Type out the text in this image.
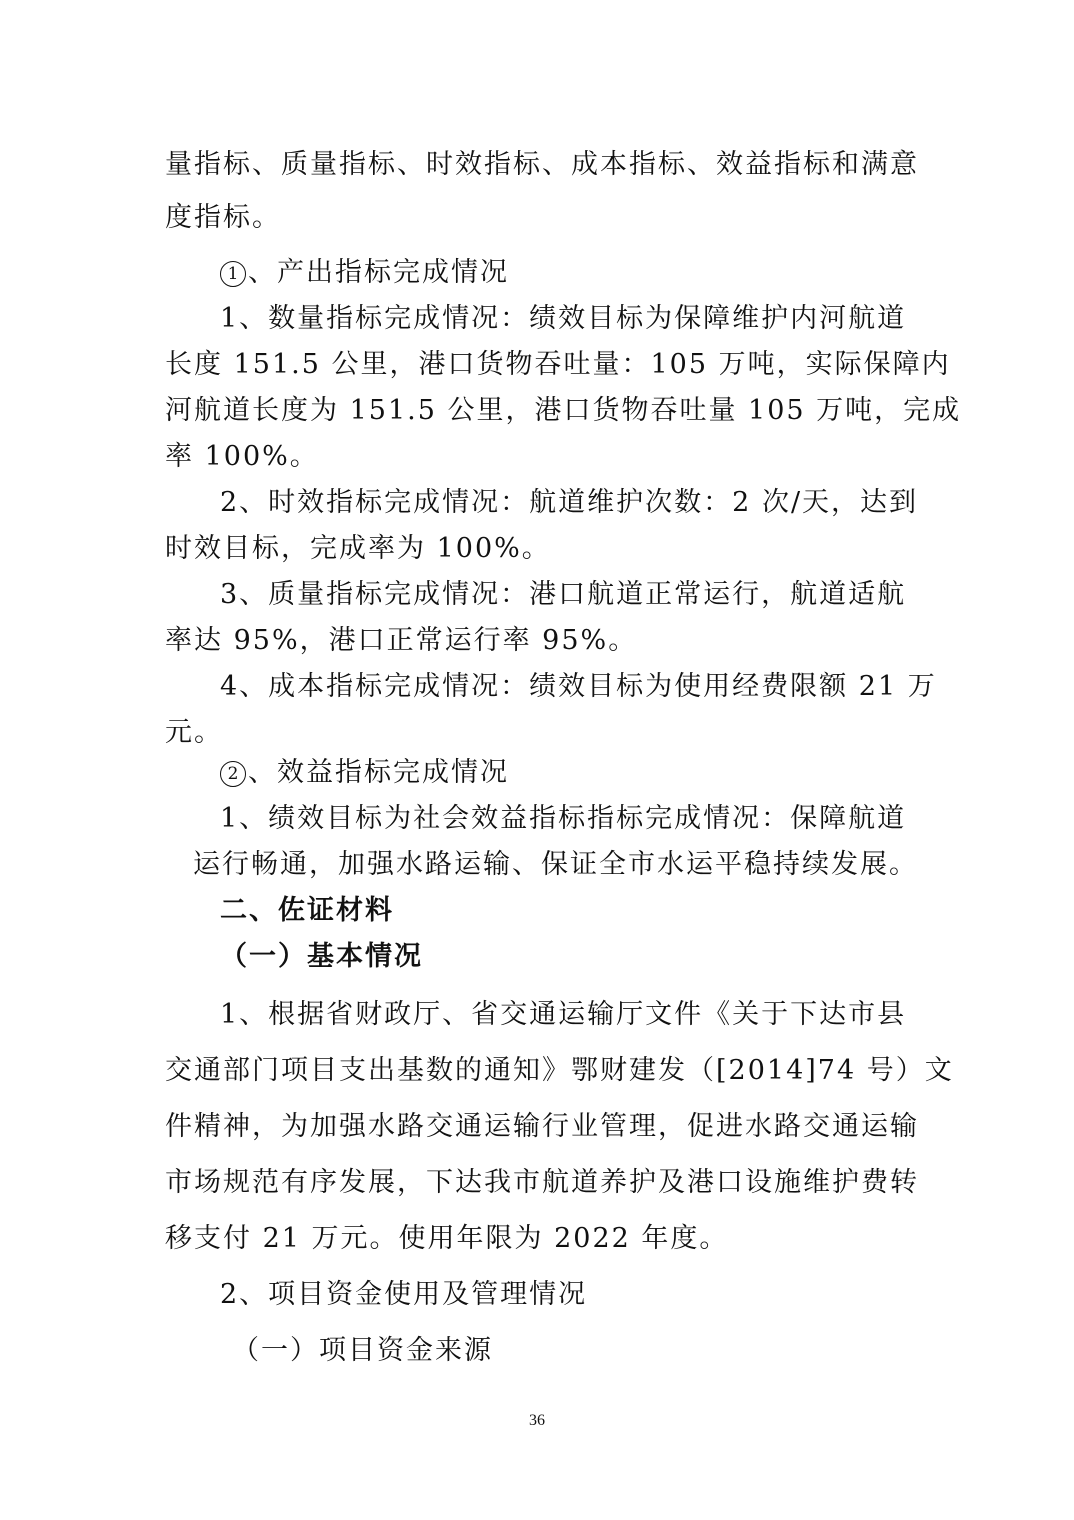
量指标、质量指标、时效指标、成本指标、效益指标和满意
度指标。
1 、产出指标完成情况
1、数量指标完成情况：绩效目标为保障维护内河航道
长度 151.5 公里，港口货物吞吐量：105 万吨，实际保障内
河航道长度为 151.5 公里，港口货物吞吐量 105 万吨，完成
率 100%。
2、时效指标完成情况：航道维护次数：2 次/天，达到
时效目标，完成率为 100%。
3、质量指标完成情况：港口航道正常运行，航道适航
率达 95%，港口正常运行率 95%。
4、成本指标完成情况：绩效目标为使用经费限额 21 万
元。
2 、效益指标完成情况
1、绩效目标为社会效益指标指标完成情况：保障航道
运行畅通，加强水路运输、保证全市水运平稳持续发展。
二、佐证材料
（一）基本情况
1、根据省财政厅、省交通运输厅文件《关于下达市县
交通部门项目支出基数的通知》鄂财建发（[2014]74 号）文
件精神，为加强水路交通运输行业管理，促进水路交通运输
市场规范有序发展，下达我市航道养护及港口设施维护费转
移支付 21 万元。使用年限为 2022 年度。
2、项目资金使用及管理情况
（一）项目资金来源
36
